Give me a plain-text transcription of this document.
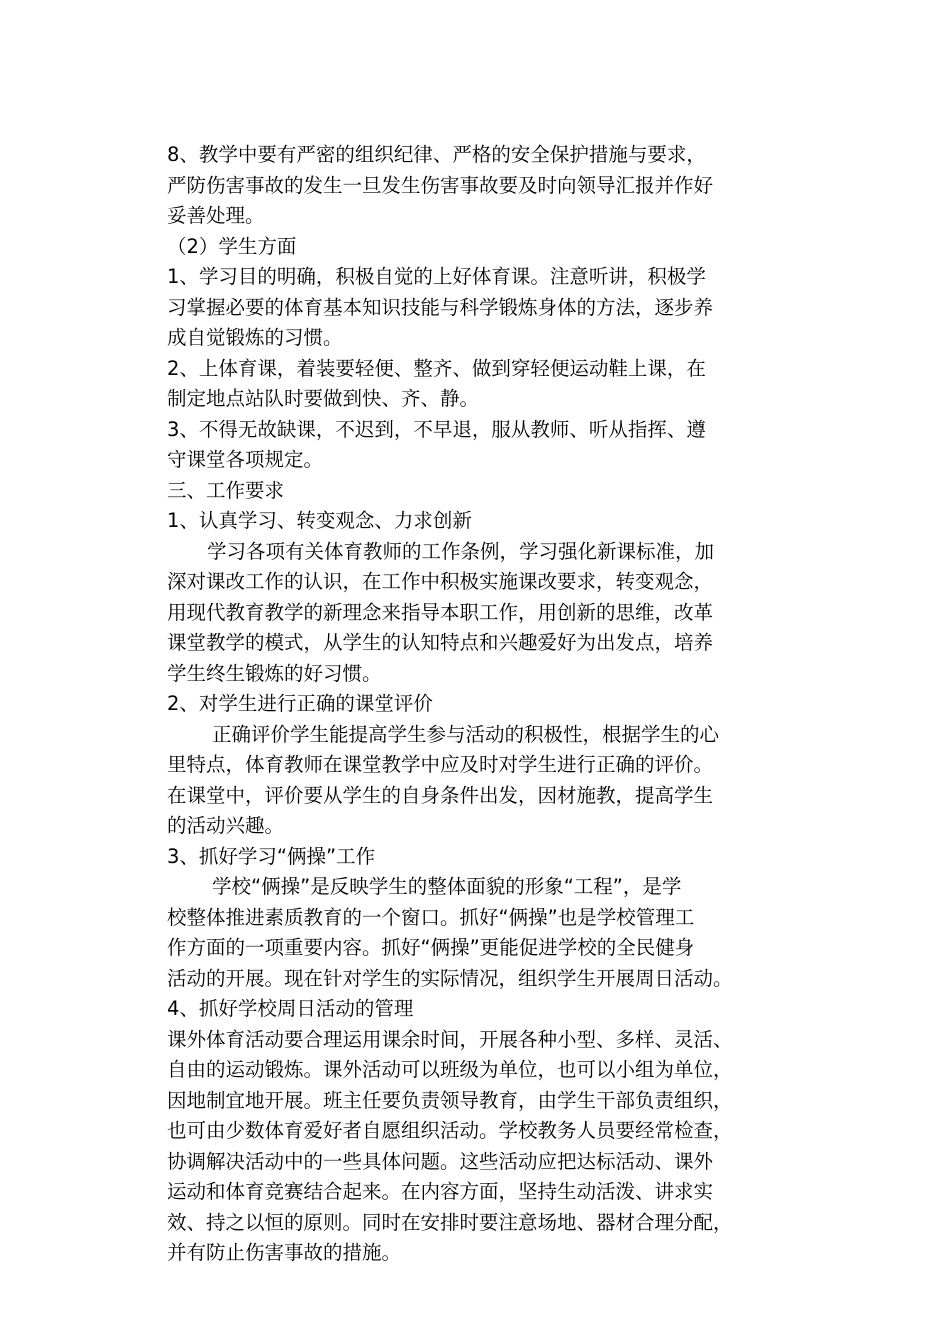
8、教学中要有严密的组织纪律、严格的安全保护措施与要求，
严防伤害事故的发生一旦发生伤害事故要及时向领导汇报并作好
妥善处理。
（2）学生方面
1、学习目的明确，积极自觉的上好体育课。注意听讲，积极学
习掌握必要的体育基本知识技能与科学锻炼身体的方法，逐步养
成自觉锻炼的习惯。
2、上体育课，着装要轻便、整齐、做到穿轻便运动鞋上课，在
制定地点站队时要做到快、齐、静。
3、不得无故缺课，不迟到，不早退，服从教师、听从指挥、遵
守课堂各项规定。
三、工作要求
1、认真学习、转变观念、力求创新
学习各项有关体育教师的工作条例，学习强化新课标准，加
深对课改工作的认识，在工作中积极实施课改要求，转变观念，
用现代教育教学的新理念来指导本职工作，用创新的思维，改革
课堂教学的模式，从学生的认知特点和兴趣爱好为出发点，培养
学生终生锻炼的好习惯。
2、对学生进行正确的课堂评价
正确评价学生能提高学生参与活动的积极性，根据学生的心
里特点，体育教师在课堂教学中应及时对学生进行正确的评价。
在课堂中，评价要从学生的自身条件出发，因材施教，提高学生
的活动兴趣。
3、抓好学习“俩操”工作
学校“俩操”是反映学生的整体面貌的形象“工程”，是学
校整体推进素质教育的一个窗口。抓好“俩操”也是学校管理工
作方面的一项重要内容。抓好“俩操”更能促进学校的全民健身
活动的开展。现在针对学生的实际情况，组织学生开展周日活动。
4、抓好学校周日活动的管理
课外体育活动要合理运用课余时间，开展各种小型、多样、灵活、
自由的运动锻炼。课外活动可以班级为单位，也可以小组为单位，
因地制宜地开展。班主任要负责领导教育，由学生干部负责组织，
也可由少数体育爱好者自愿组织活动。学校教务人员要经常检查，
协调解决活动中的一些具体问题。这些活动应把达标活动、课外
运动和体育竞赛结合起来。在内容方面，坚持生动活泼、讲求实
效、持之以恒的原则。同时在安排时要注意场地、器材合理分配，
并有防止伤害事故的措施。
